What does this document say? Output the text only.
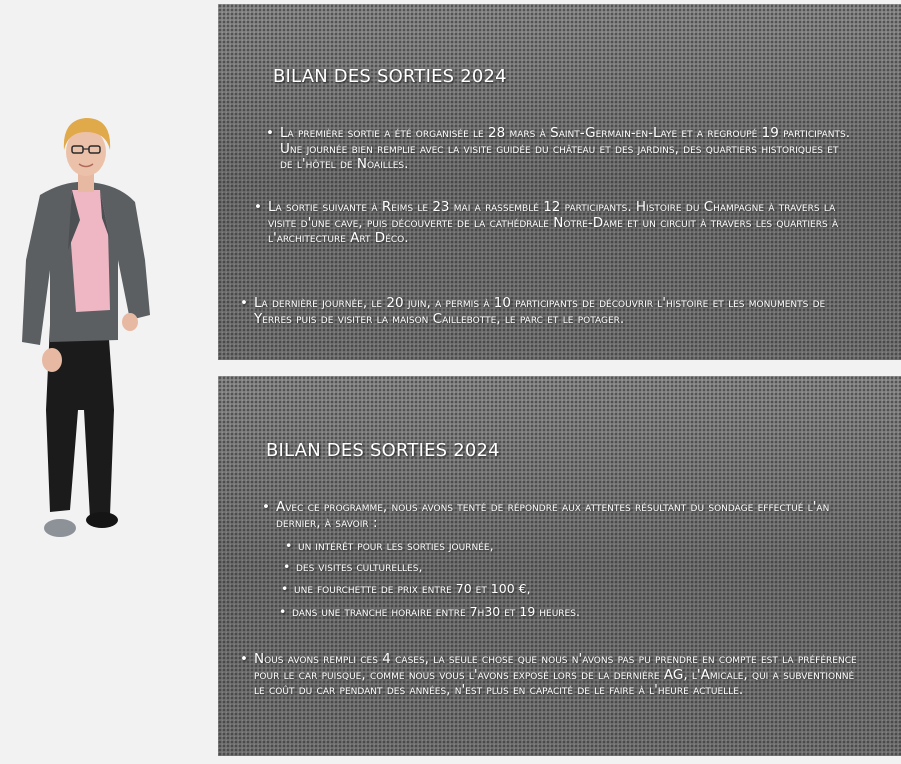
BILAN DES SORTIES 2024

• La première sortie a été organisée le 28 mars à Saint-Germain-en-Laye et a regroupé 19 participants. Une journée bien remplie avec la visite guidée du château et des jardins, des quartiers historiques et de l'hôtel de Noailles.

• La sortie suivante à Reims le 23 mai a rassemblé 12 participants. Histoire du Champagne à travers la visite d'une cave, puis découverte de la cathédrale Notre-Dame et un circuit à travers les quartiers à l'architecture Art Déco.

• La dernière journée, le 20 juin, a permis à 10 participants de découvrir l'histoire et les monuments de Yerres puis de visiter la maison Caillebotte, le parc et le potager.

BILAN DES SORTIES 2024

• Avec ce programme, nous avons tenté de répondre aux attentes résultant du sondage effectué l'an dernier, à savoir :

• un intérêt pour les sorties journée,

• des visites culturelles,

• une fourchette de prix entre 70 et 100 €,

• dans une tranche horaire entre 7h30 et 19 heures.

• Nous avons rempli ces 4 cases, la seule chose que nous n'avons pas pu prendre en compte est la préférence pour le car puisque, comme nous vous l'avons exposé lors de la dernière AG, l'Amicale, qui a subventionné le coût du car pendant des années, n'est plus en capacité de le faire à l'heure actuelle.
